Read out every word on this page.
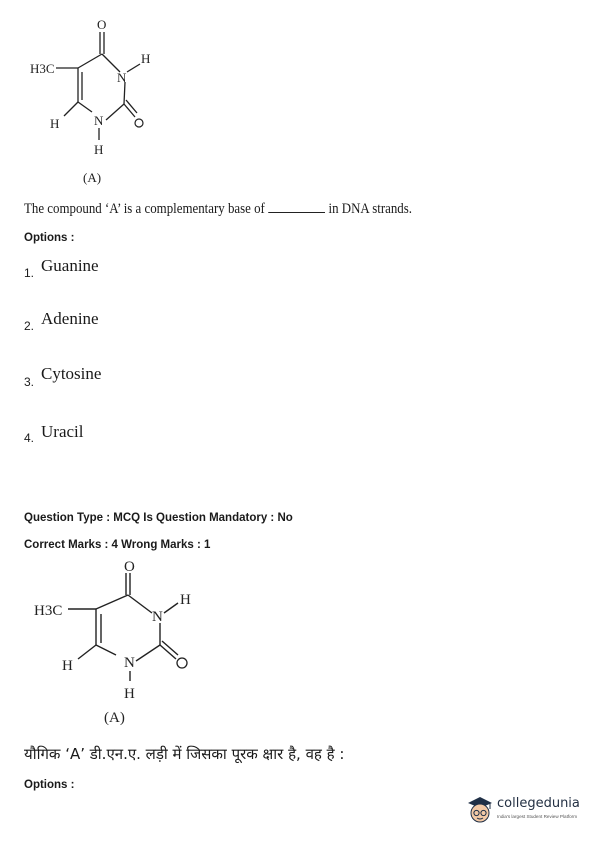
O
H3C
N
H
N
H
H
(A)
The compound ‘A’ is a complementary base of	in DNA strands.
Options :
1. Guanine
2. Adenine
3. Cytosine
4. Uracil
Question Type : MCQ Is Question Mandatory : No
Correct Marks : 4 Wrong Marks : 1
O
H3C	N
H
N
H
H
(A)
यौगिक ‘A’ डी.एन.ए. लड़ी में जिसका पूरक क्षार है, वह है :
Options :
collegedunia
India's largest Student Review Platform
